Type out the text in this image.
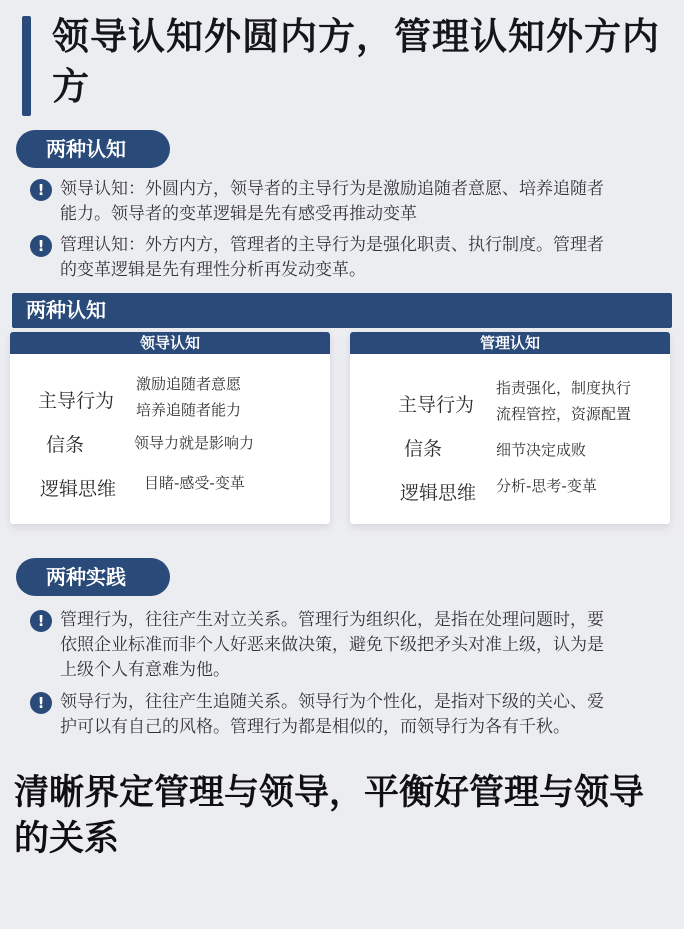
领导认知外圆内方，管理认知外方内方
两种认知
! 领导认知：外圆内方，领导者的主导行为是激励追随者意愿、培养追随者能力。领导者的变革逻辑是先有感受再推动变革
! 管理认知：外方内方，管理者的主导行为是强化职责、执行制度。管理者的变革逻辑是先有理性分析再发动变革。
两种认知
领导认知
主导行为
激励追随者意愿
培养追随者能力
信条	领导力就是影响力
逻辑思维 目睹-感受-变革
管理认知
主导行为
指责强化，制度执行
流程管控，资源配置
信条	细节决定成败
逻辑思维 分析-思考-变革
两种实践
! 管理行为，往往产生对立关系。管理行为组织化，是指在处理问题时，要依照企业标准而非个人好恶来做决策，避免下级把矛头对准上级，认为是上级个人有意难为他。
! 领导行为，往往产生追随关系。领导行为个性化，是指对下级的关心、爱护可以有自己的风格。管理行为都是相似的，而领导行为各有千秋。
清晰界定管理与领导，平衡好管理与领导的关系
